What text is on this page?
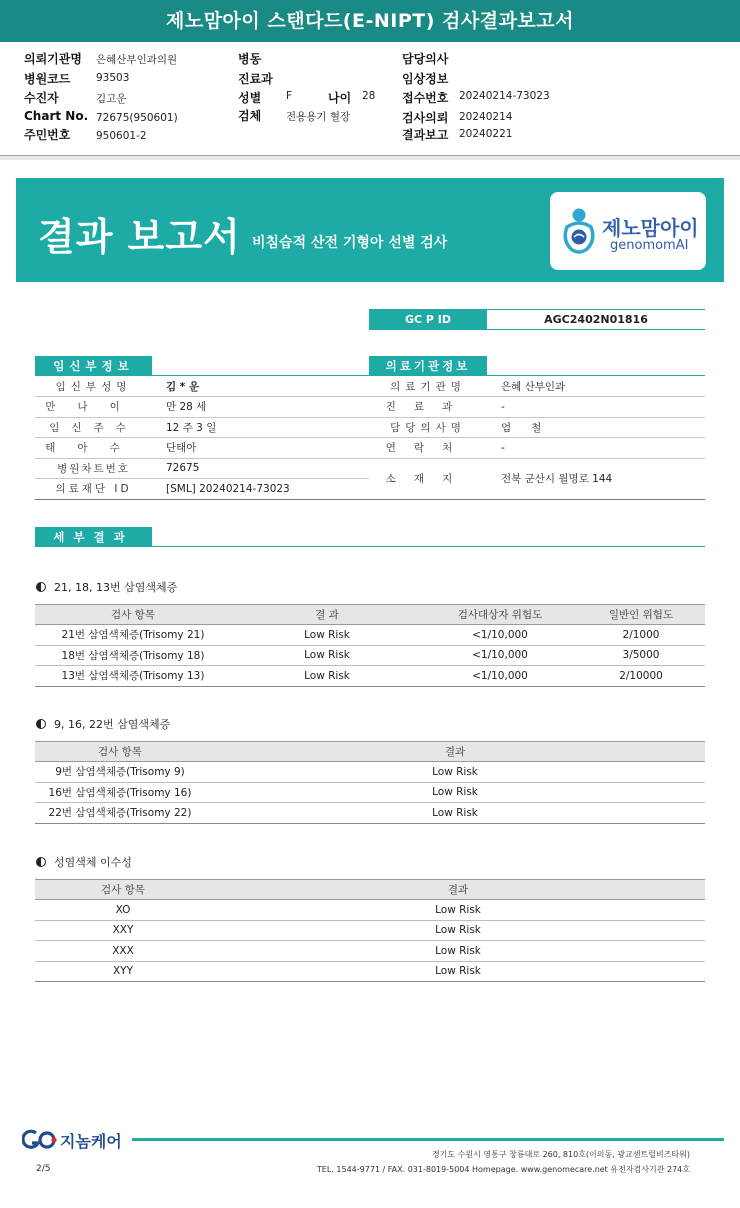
제노맘아이 스탠다드(E-NIPT) 검사결과보고서
의뢰기관명 은혜산부인과의원
병원코드 93503
수진자	김고운
Chart No. 72675(950601)
주민번호 950601-2
병동
진료과
성별 F	나이 28
검체 전용용기 혈장
담당의사
임상정보
접수번호 20240214-73023
검사의뢰 20240214
결과보고 20240221
결과 보고서 비침습적 산전 기형아 선별 검사
제노맘아이
genomomAI
GC P ID	AGC2402N01816
임신부정보
임신부성명	김 * 운
만나이	만 28 세
임신주수	12 주 3 일
태아수	단태아
병원차트번호	72675
의료재단 ID	[SML] 20240214-73023
의료기관정보
의료기관명	은혜 산부인과
진료과	-
담당의사명	엄      철
연락처	-
소재지	전북 군산시 월명로 144
세부결과
21, 18, 13번 삼염색체증
검사 항목	결 과	검사대상자 위험도	일반인 위험도
21번 삼염색체증(Trisomy 21)	Low Risk	<1/10,000	2/1000
18번 삼염색체증(Trisomy 18)	Low Risk	<1/10,000	3/5000
13번 삼염색체증(Trisomy 13)	Low Risk	<1/10,000	2/10000
9, 16, 22번 삼염색체증
검사 항목	결과
9번 삼염색체증(Trisomy 9)	Low Risk
16번 삼염색체증(Trisomy 16)	Low Risk
22번 삼염색체증(Trisomy 22)	Low Risk
성염색체 이수성
검사 항목	결과
XO	Low Risk
XXY	Low Risk
XXX	Low Risk
XYY	Low Risk
지놈케어
경기도 수원시 영통구 창룡대로 260, 810호(이의동, 광교센트럴비즈타워)
TEL. 1544-9771 / FAX. 031-8019-5004 Homepage. www.genomecare.net 유전자검사기관 274호
2/5
